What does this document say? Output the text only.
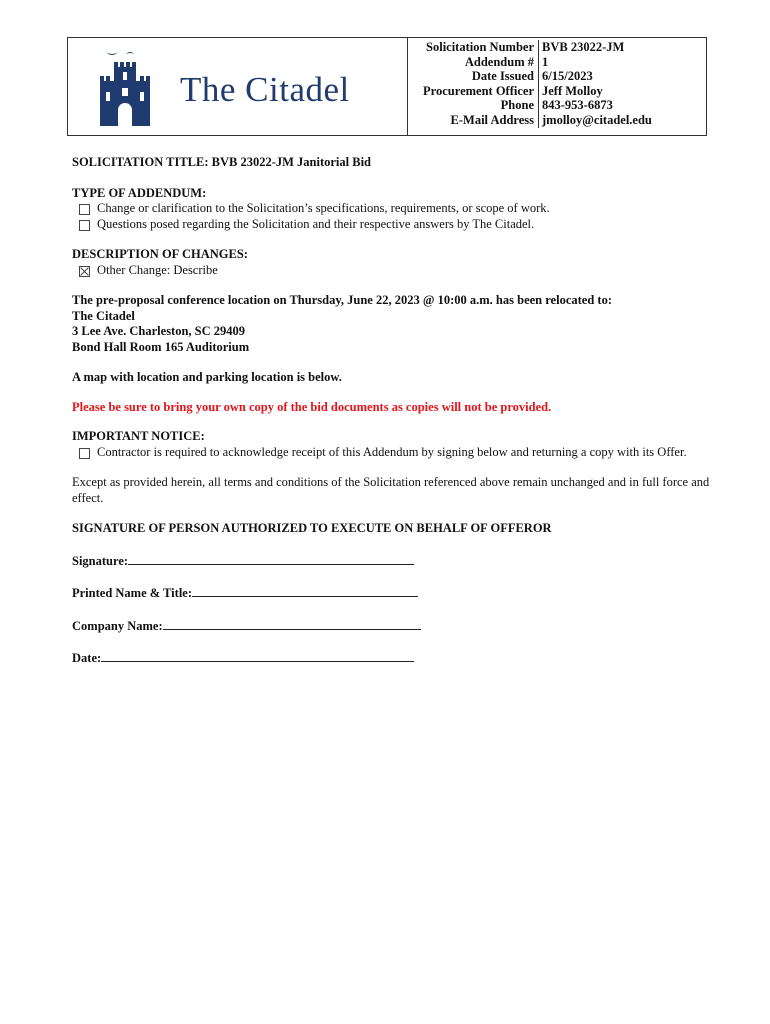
The Citadel
Solicitation Number	BVB 23022-JM
Addendum #	1
Date Issued	6/15/2023
Procurement Officer	Jeff Molloy
Phone	843-953-6873
E-Mail Address	jmolloy@citadel.edu

SOLICITATION TITLE: BVB 23022-JM Janitorial Bid

TYPE OF ADDENDUM:

Change or clarification to the Solicitation’s specifications, requirements, or scope of work.
Questions posed regarding the Solicitation and their respective answers by The Citadel.

DESCRIPTION OF CHANGES:

Other Change: Describe

The pre-proposal conference location on Thursday, June 22, 2023 @ 10:00 a.m. has been relocated to:

The Citadel

3 Lee Ave. Charleston, SC 29409

Bond Hall Room 165 Auditorium

A map with location and parking location is below.

Please be sure to bring your own copy of the bid documents as copies will not be provided.

IMPORTANT NOTICE:

Contractor is required to acknowledge receipt of this Addendum by signing below and returning a copy with its Offer.

Except as provided herein, all terms and conditions of the Solicitation referenced above remain unchanged and in full force and effect.

SIGNATURE OF PERSON AUTHORIZED TO EXECUTE ON BEHALF OF OFFEROR

Signature:
Printed Name & Title:
Company Name:
Date:
